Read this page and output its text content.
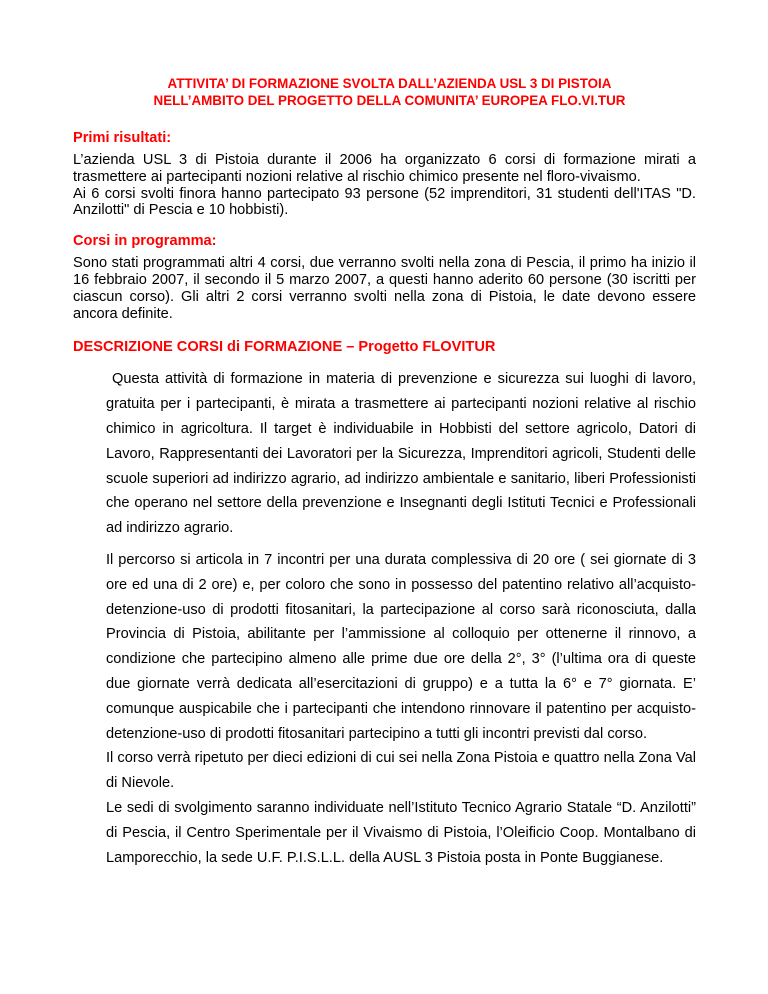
ATTIVITA’ DI FORMAZIONE SVOLTA DALL’AZIENDA USL 3 DI PISTOIA
NELL’AMBITO DEL PROGETTO DELLA COMUNITA’ EUROPEA FLO.VI.TUR

Primi risultati:

L’azienda USL 3 di Pistoia durante il 2006 ha organizzato 6 corsi di formazione mirati a trasmettere ai partecipanti nozioni relative al rischio chimico presente nel floro-vivaismo.
Ai 6 corsi svolti finora hanno partecipato 93 persone (52 imprenditori, 31 studenti dell'ITAS "D. Anzilotti" di Pescia e 10 hobbisti).

Corsi in programma:

Sono stati programmati altri 4 corsi, due verranno svolti nella zona di Pescia, il primo ha inizio il 16 febbraio 2007, il secondo il 5 marzo 2007, a questi hanno aderito 60 persone (30 iscritti per ciascun corso). Gli altri 2 corsi verranno svolti nella zona di Pistoia, le date devono essere ancora definite.

DESCRIZIONE CORSI di FORMAZIONE – Progetto FLOVITUR

Questa attività di formazione in materia di prevenzione e sicurezza sui luoghi di lavoro, gratuita per i partecipanti, è mirata a trasmettere ai partecipanti nozioni relative al rischio chimico in agricoltura. Il target è individuabile in Hobbisti del settore agricolo, Datori di Lavoro, Rappresentanti dei Lavoratori per la Sicurezza, Imprenditori agricoli, Studenti delle scuole superiori ad indirizzo agrario, ad indirizzo ambientale e sanitario, liberi Professionisti che operano nel settore della prevenzione e Insegnanti degli Istituti Tecnici e Professionali ad indirizzo agrario.

Il percorso si articola in 7 incontri per una durata complessiva di 20 ore ( sei giornate di 3 ore ed una di 2 ore) e, per coloro che sono in possesso del patentino relativo all’acquisto-detenzione-uso di prodotti fitosanitari, la partecipazione al corso sarà riconosciuta, dalla Provincia di Pistoia, abilitante per l’ammissione al colloquio per ottenerne il rinnovo, a condizione che partecipino almeno alle prime due ore della 2°, 3° (l’ultima ora di queste due giornate verrà dedicata all’esercitazioni di gruppo) e a tutta la 6° e 7° giornata. E’ comunque auspicabile che i partecipanti che intendono rinnovare il patentino per acquisto-detenzione-uso di prodotti fitosanitari partecipino a tutti gli incontri previsti dal corso.
Il corso verrà ripetuto per dieci edizioni di cui sei nella Zona Pistoia e quattro nella Zona Val di Nievole.
Le sedi di svolgimento saranno individuate nell’Istituto Tecnico Agrario Statale “D. Anzilotti” di Pescia, il Centro Sperimentale per il Vivaismo di Pistoia, l’Oleificio Coop. Montalbano di Lamporecchio, la sede U.F. P.I.S.L.L. della AUSL 3 Pistoia posta in Ponte Buggianese.
